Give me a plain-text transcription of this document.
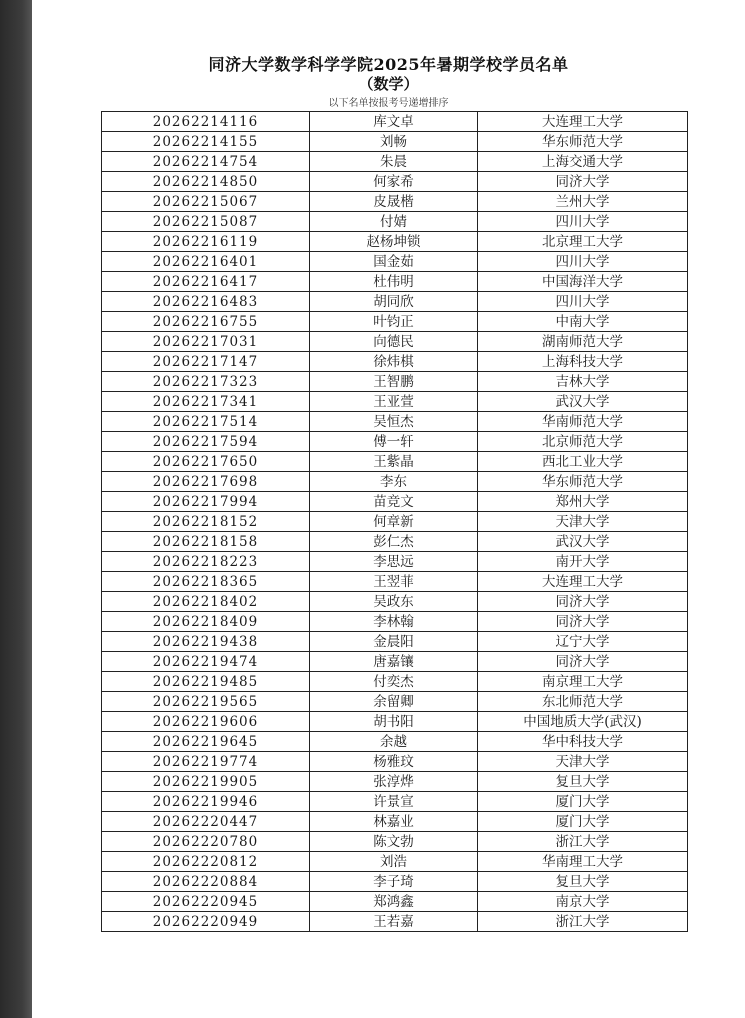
同济大学数学科学学院2025年暑期学校学员名单
（数学）
以下名单按报考号递增排序
20262214116	库文卓	大连理工大学
20262214155	刘畅	华东师范大学
20262214754	朱晨	上海交通大学
20262214850	何家希	同济大学
20262215067	皮晟楷	兰州大学
20262215087	付婧	四川大学
20262216119	赵杨坤锁	北京理工大学
20262216401	国金茹	四川大学
20262216417	杜伟明	中国海洋大学
20262216483	胡同欣	四川大学
20262216755	叶钧正	中南大学
20262217031	向德民	湖南师范大学
20262217147	徐炜棋	上海科技大学
20262217323	王智鹏	吉林大学
20262217341	王亚萱	武汉大学
20262217514	吴恒杰	华南师范大学
20262217594	傅一轩	北京师范大学
20262217650	王紫晶	西北工业大学
20262217698	李东	华东师范大学
20262217994	苗竞文	郑州大学
20262218152	何章新	天津大学
20262218158	彭仁杰	武汉大学
20262218223	李思远	南开大学
20262218365	王翌菲	大连理工大学
20262218402	吴政东	同济大学
20262218409	李林翰	同济大学
20262219438	金晨阳	辽宁大学
20262219474	唐嘉镶	同济大学
20262219485	付奕杰	南京理工大学
20262219565	余留卿	东北师范大学
20262219606	胡书阳	中国地质大学(武汉)
20262219645	余越	华中科技大学
20262219774	杨雅玟	天津大学
20262219905	张淳烨	复旦大学
20262219946	许景宣	厦门大学
20262220447	林嘉业	厦门大学
20262220780	陈文勃	浙江大学
20262220812	刘浩	华南理工大学
20262220884	李子琦	复旦大学
20262220945	郑鸿鑫	南京大学
20262220949	王若嘉	浙江大学
